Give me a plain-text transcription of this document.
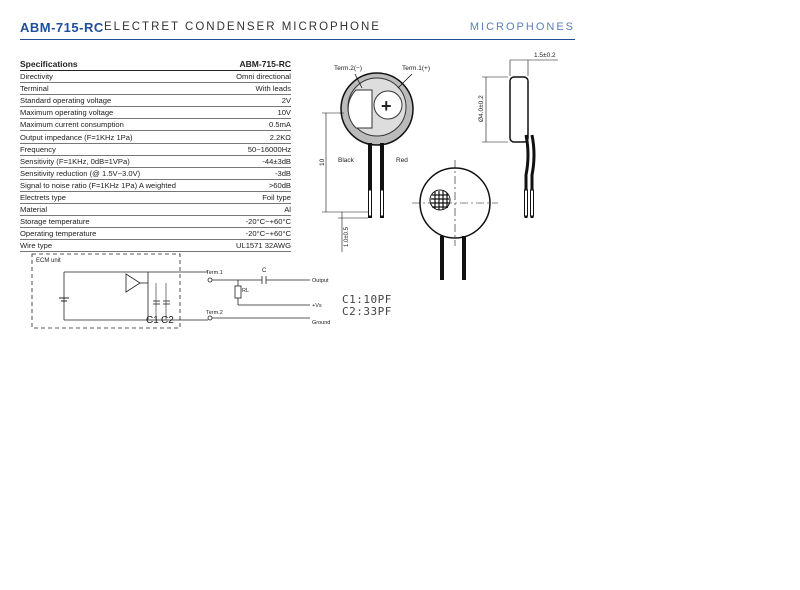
ABM-715-RC ELECTRET CONDENSER MICROPHONE	MICROPHONES
Specifications	ABM-715-RC
Directivity	Omni directional
Terminal	With leads
Standard operating voltage	2V
Maximum operating voltage	10V
Maximum current consumption	0.5mA
Output impedance (F=1KHz 1Pa)	2.2KΩ
Frequency	50~16000Hz
Sensitivity (F=1KHz, 0dB=1VPa)	-44±3dB
Sensitivity reduction (@ 1.5V~3.0V)	-3dB
Signal to noise ratio (F=1KHz 1Pa) A weighted	>60dB
Electrets type	Foil type
Material	Al
Storage temperature	-20°C~+60°C
Operating temperature	-20°C~+60°C
Wire type	UL1571 32AWG
+
Term.2(−)	Term.1(+)
Black	Red
10
1.0±0.5
Ø4.0±0.2
1.5±0.2
ECM unit
C1 C2
Term.1
Term.2
C
Output
RL
+Vs
Ground
C1:10PF
C2:33PF
